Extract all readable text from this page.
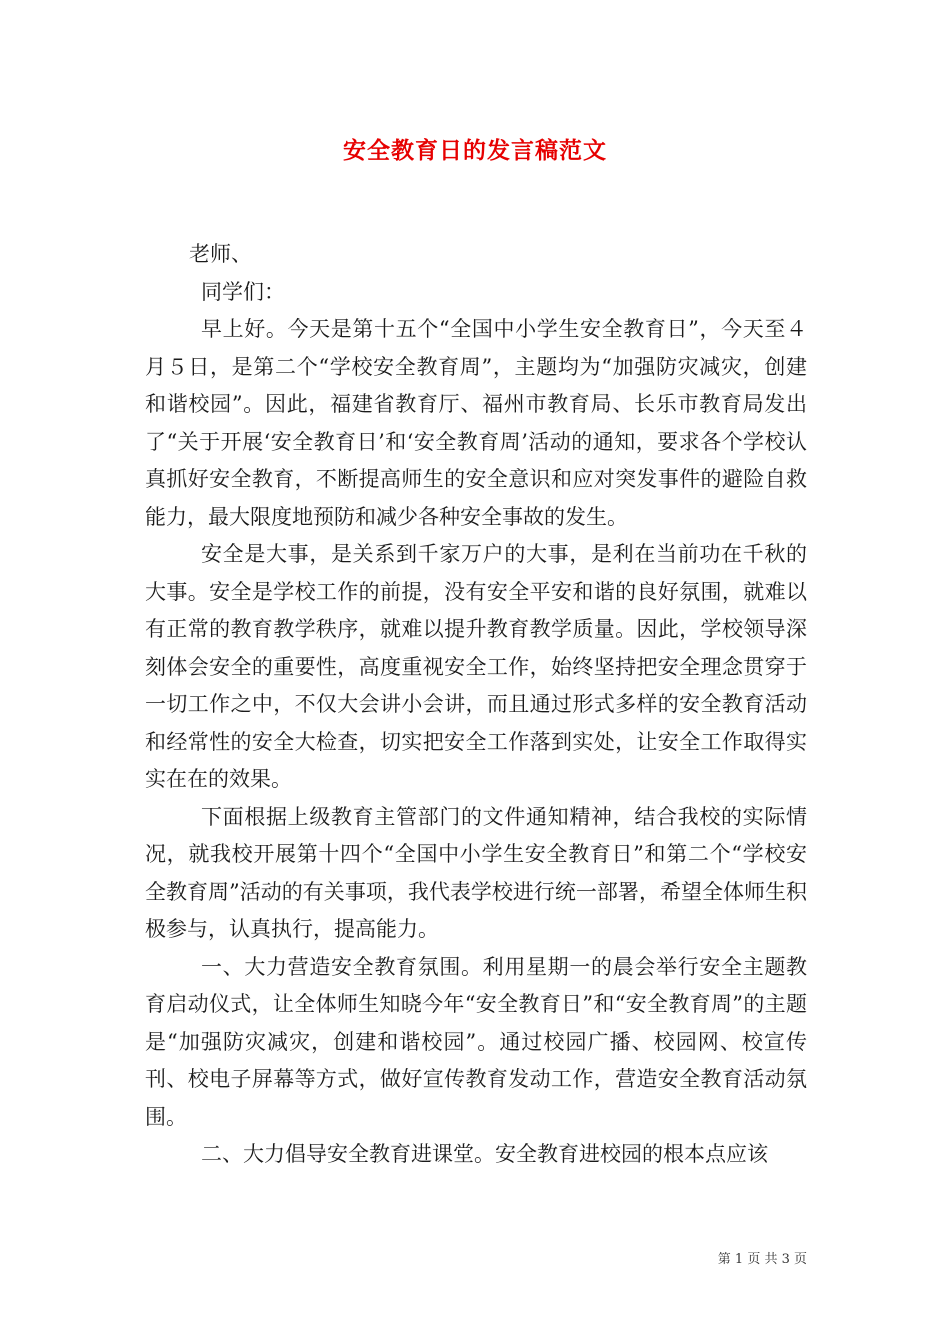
安全教育日的发言稿范文

老师、

同学们：

早上好。今天是第十五个“全国中小学生安全教育日”，今天至４月５日，是第二个“学校安全教育周”，主题均为“加强防灾减灾，创建和谐校园”。因此，福建省教育厅、福州市教育局、长乐市教育局发出了“关于开展‘安全教育日’和‘安全教育周’活动的通知，要求各个学校认真抓好安全教育，不断提高师生的安全意识和应对突发事件的避险自救能力，最大限度地预防和减少各种安全事故的发生。

安全是大事，是关系到千家万户的大事，是利在当前功在千秋的大事。安全是学校工作的前提，没有安全平安和谐的良好氛围，就难以有正常的教育教学秩序，就难以提升教育教学质量。因此，学校领导深刻体会安全的重要性，高度重视安全工作，始终坚持把安全理念贯穿于一切工作之中，不仅大会讲小会讲，而且通过形式多样的安全教育活动和经常性的安全大检查，切实把安全工作落到实处，让安全工作取得实实在在的效果。

下面根据上级教育主管部门的文件通知精神，结合我校的实际情况，就我校开展第十四个“全国中小学生安全教育日”和第二个“学校安全教育周”活动的有关事项，我代表学校进行统一部署，希望全体师生积极参与，认真执行，提高能力。

一、大力营造安全教育氛围。利用星期一的晨会举行安全主题教育启动仪式，让全体师生知晓今年“安全教育日”和“安全教育周”的主题是“加强防灾减灾，创建和谐校园”。通过校园广播、校园网、校宣传刊、校电子屏幕等方式，做好宣传教育发动工作，营造安全教育活动氛围。

二、大力倡导安全教育进课堂。安全教育进校园的根本点应该

第 1 页 共 3 页
